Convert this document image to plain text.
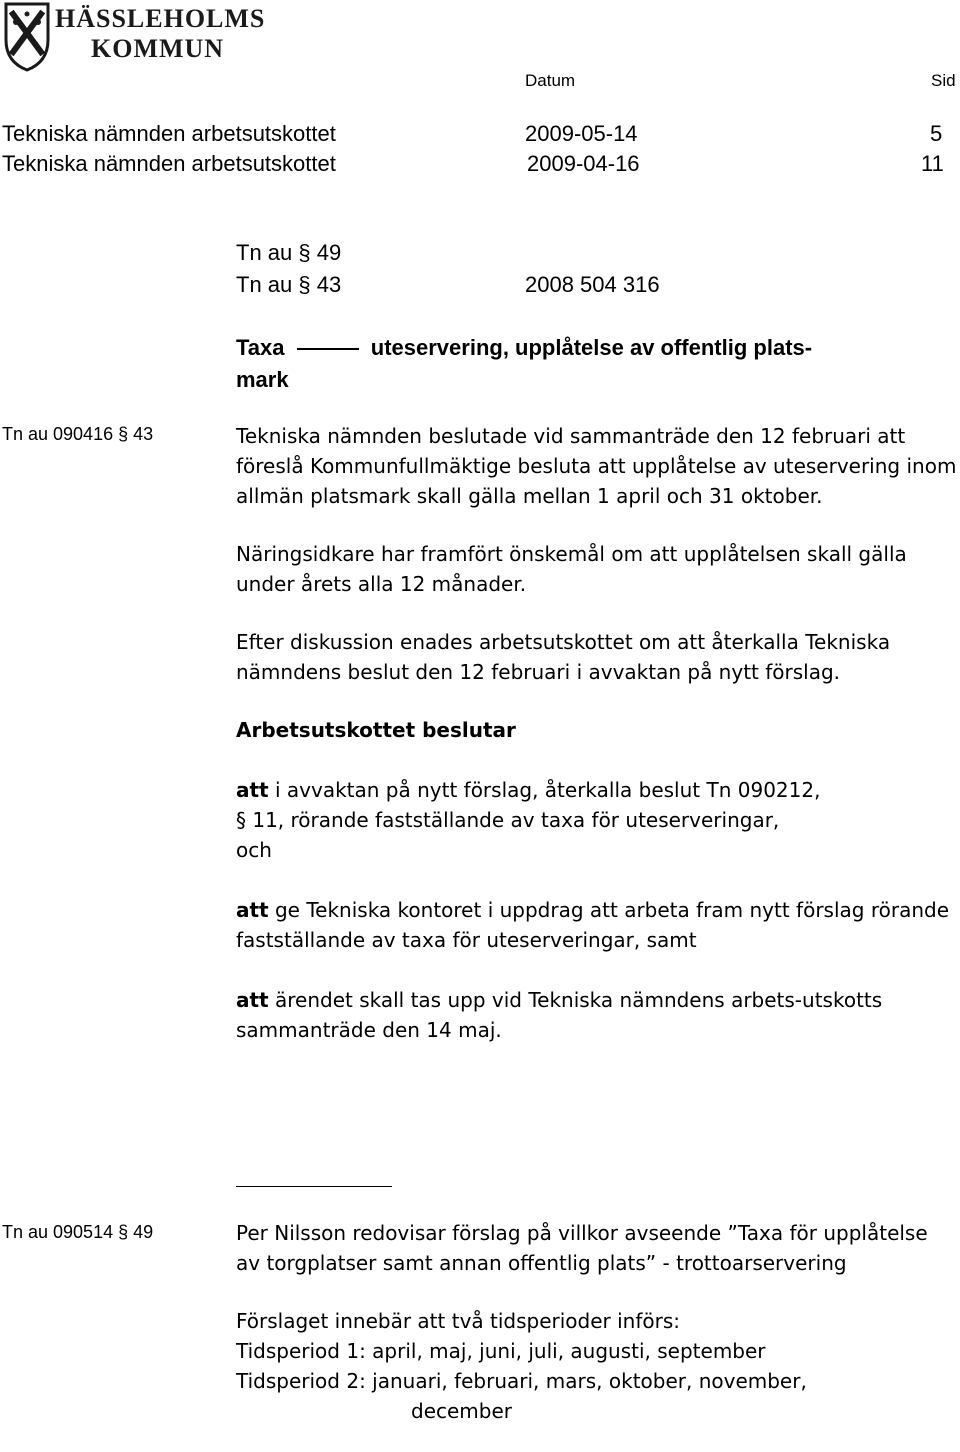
HÄSSLEHOLMS
KOMMUN
Datum	Sid
Tekniska nämnden arbetsutskottet	2009-05-14	5
Tekniska nämnden arbetsutskottet	2009-04-16	11
Tn au § 49
Tn au § 43	2008 504 316
Taxa	uteservering, upplåtelse av offentlig plats-
mark
Tn au 090416 § 43	Tekniska nämnden beslutade vid sammanträde den 12 februari att föreslå Kommunfullmäktige besluta att upplåtelse av uteservering inom allmän platsmark skall gälla mellan 1 april och 31 oktober.

Näringsidkare har framfört önskemål om att upplåtelsen skall gälla under årets alla 12 månader.

Efter diskussion enades arbetsutskottet om att återkalla Tekniska nämndens beslut den 12 februari i avvaktan på nytt förslag.

Arbetsutskottet beslutar

att i avvaktan på nytt förslag, återkalla beslut Tn 090212,
§ 11, rörande fastställande av taxa för uteserveringar,
och

att ge Tekniska kontoret i uppdrag att arbeta fram nytt förslag rörande fastställande av taxa för uteserveringar, samt

att ärendet skall tas upp vid Tekniska nämndens arbets-utskotts sammanträde den 14 maj.

Tn au 090514 § 49	Per Nilsson redovisar förslag på villkor avseende ”Taxa för upplåtelse av torgplatser samt annan offentlig plats” - trottoarservering

Förslaget innebär att två tidsperioder införs:

Tidsperiod 1: april, maj, juni, juli, augusti, september

Tidsperiod 2: januari, februari, mars, oktober, november,
december
